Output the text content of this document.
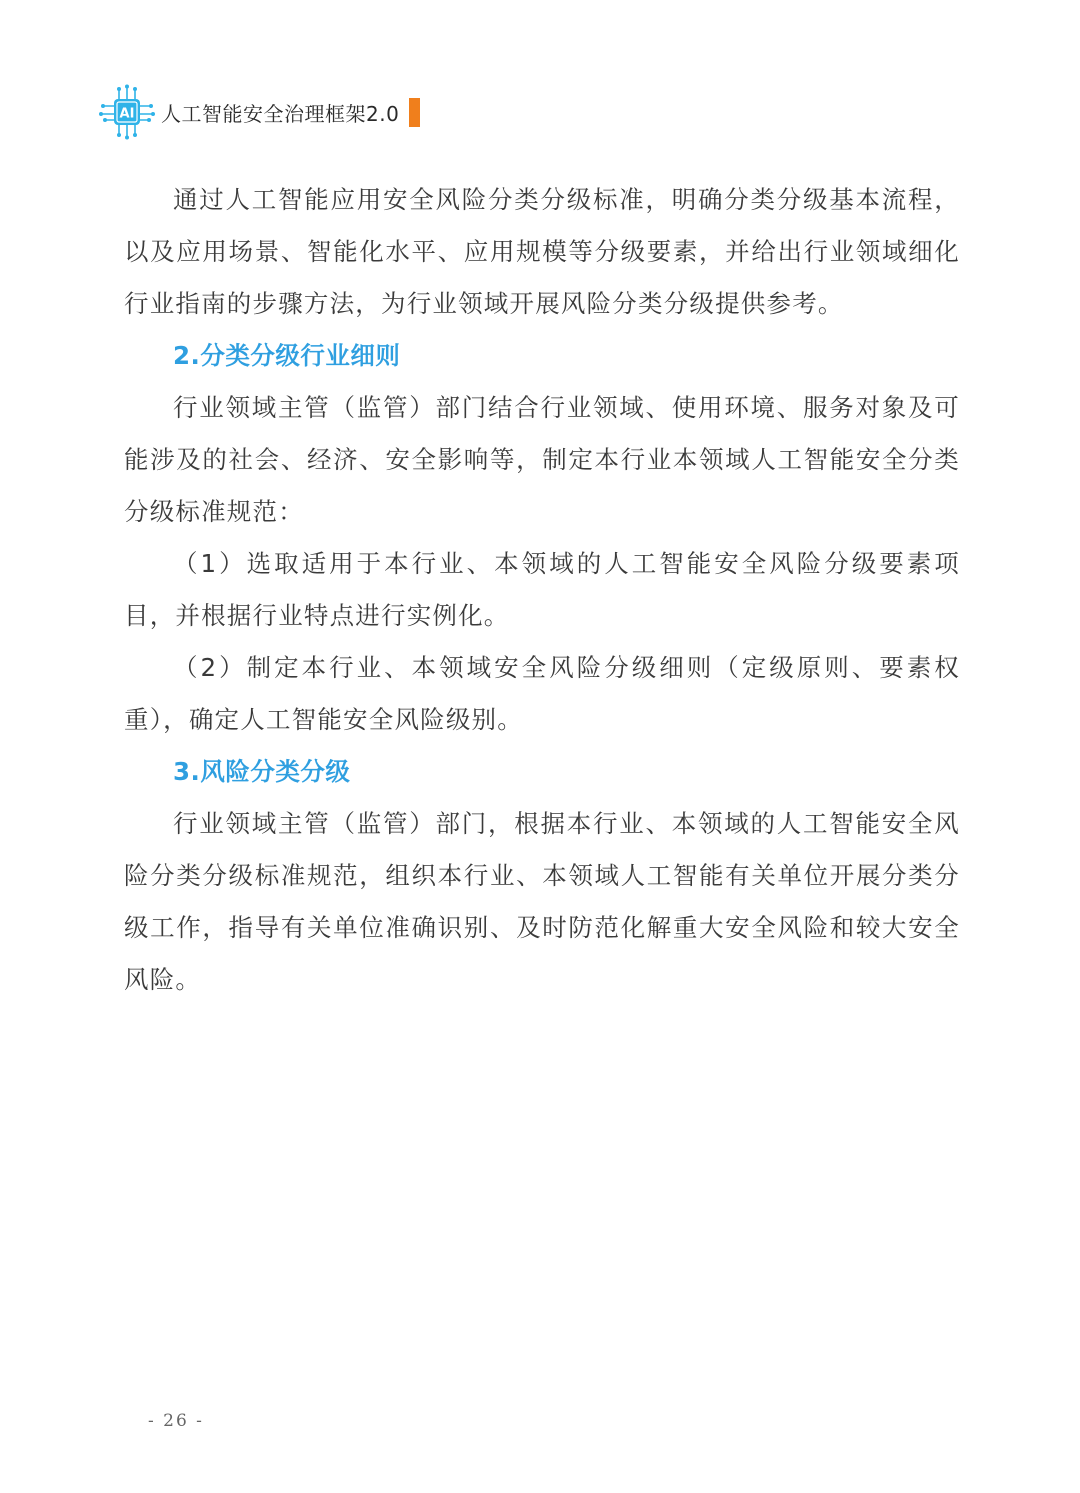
AI 人工智能安全治理框架2.0

通过人工智能应用安全风险分类分级标准，明确分类分级基本流程，以及应用场景、智能化水平、应用规模等分级要素，并给出行业领域细化行业指南的步骤方法，为行业领域开展风险分类分级提供参考。

2.分类分级行业细则

行业领域主管（监管）部门结合行业领域、使用环境、服务对象及可能涉及的社会、经济、安全影响等，制定本行业本领域人工智能安全分类分级标准规范：

（1）选取适用于本行业、本领域的人工智能安全风险分级要素项目，并根据行业特点进行实例化。

（2）制定本行业、本领域安全风险分级细则（定级原则、要素权重），确定人工智能安全风险级别。

3.风险分类分级

行业领域主管（监管）部门，根据本行业、本领域的人工智能安全风险分类分级标准规范，组织本行业、本领域人工智能有关单位开展分类分级工作，指导有关单位准确识别、及时防范化解重大安全风险和较大安全风险。

- 26 -
